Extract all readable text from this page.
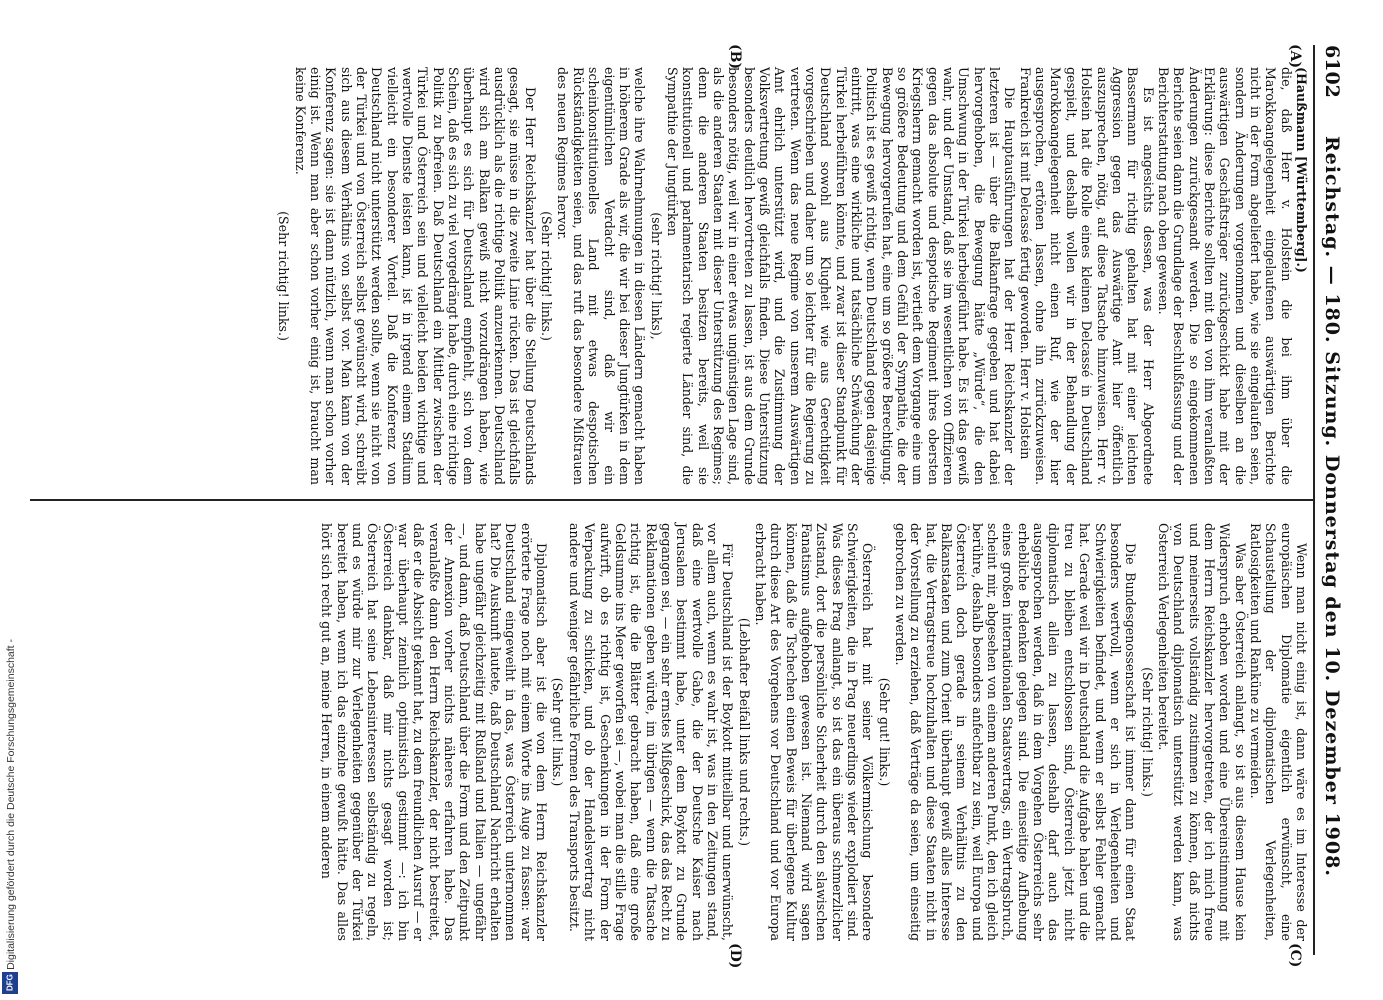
6102
Reichstag. — 180. Sitzung. Donnerstag den 10. Dezember 1908.
(A)
(B)
(C)
(D)

(Haußmann [Württemberg].)

die, daß Herr v. Holstein die bei ihm über die Marokkoangelegenheit eingelaufenen auswärtigen Berichte nicht in der Form abgeliefert habe, wie sie eingelaufen seien, sondern Änderungen vorgenommen und dieselben an die auswärtigen Geschäftsträger zurückgeschickt habe mit der Erklärung: diese Berichte sollten mit den von ihm veranlaßten Änderungen zurückgesandt werden. Die so eingekommenen Berichte seien dann die Grundlage der Beschlußfassung und der Berichterstattung nach oben gewesen.

Es ist angesichts dessen, was der Herr Abgeordnete Bassermann für richtig gehalten hat mit einer leichten Aggression gegen das Auswärtige Amt hier öffentlich auszusprechen, nötig, auf diese Tatsache hinzuweisen. Herr v. Holstein hat die Rolle eines kleinen Delcassé in Deutschland gespielt, und deshalb wollen wir in der Behandlung der Marokkoangelegenheit nicht einen Ruf, wie der hier ausgesprochen, ertönen lassen, ohne ihn zurückzuweisen. Frankreich ist mit Delcassé fertig geworden. Herr v. Holstein

Die Hauptausführungen hat der Herr Reichskanzler der letzteren ist — über die Balkanfrage gegeben und hat dabei hervorgehoben, die Bewegung hätte „Würde“, die den Umschwung in der Türkei herbeigeführt habe. Es ist das gewiß wahr, und der Umstand, daß sie im wesentlichen von Offizieren gegen das absolute und despotische Regiment ihres obersten Kriegsherrn gemacht worden ist, vertieft dem Vorgange eine um so größere Bedeutung und dem Gefühl der Sympathie, die der Bewegung hervorgerufen hat, eine um so größere Berechtigung. Politisch ist es gewiß richtig, wenn Deutschland gegen dasjenige eintritt, was eine wirkliche und tatsächliche Schwächung der Türkei herbeiführen könnte, und zwar ist dieser Standpunkt für Deutschland sowohl aus Klugheit wie aus Gerechtigkeit vorgeschrieben und daher um so leichter für die Regierung zu vertreten. Wenn das neue Regime von unserem Auswärtigen Amt ehrlich unterstützt wird, und die Zustimmung der Volksvertretung gewiß gleichfalls finden. Diese Unterstützung besonders deutlich hervortreten zu lassen, ist aus dem Grunde besonders nötig, weil wir in einer etwas ungünstigen Lage sind, als die anderen Staaten mit dieser Unterstützung des Regimes; denn die anderen Staaten besitzen bereits, weil sie konstitutionell und parlamentarisch regierte Länder sind, die Sympathie der Jungtürken

(sehr richtig! links),

welche ihre Wahrnehmungen in diesen Ländern gemacht haben in höherem Grade als wir, die wir bei dieser Jungtürken in dem eigentümlichen Verdacht sind, daß wir ein scheinkonstitutionelles Land mit etwas despotischen Rückständigkeiten seien, und das ruft das besondere Mißtrauen des neuen Regimes hervor.

(Sehr richtig! links.)

Der Herr Reichskanzler hat über die Stellung Deutschlands gesagt, sie müsse in die zweite Linie rücken. Das ist gleichfalls ausdrücklich als die richtige Politik anzuerkennen. Deutschland wird sich am Balkan gewiß nicht vorzudrängen haben, wie überhaupt es sich für Deutschland empfiehlt, sich von dem Schein, daß es sich zu viel vorgedrängt habe, durch eine richtige Politik zu befreien. Daß Deutschland ein Mittler zwischen der Türkei und Österreich sein und vielleicht beiden wichtige und wertvolle Dienste leisten kann, ist in irgend einem Stadium vielleicht ein besonderer Vorteil. Daß die Konferenz von Deutschland nicht unterstützt werden sollte, wenn sie nicht von der Türkei und von Österreich selbst gewünscht wird, schreibt sich aus diesem Verhältnis von selbst vor. Man kann von der Konferenz sagen: sie ist dann nützlich, wenn man schon vorher einig ist. Wenn man aber schon vorher einig ist, braucht man keine Konferenz.

(Sehr richtig! links.)

Wenn man nicht einig ist, dann wäre es im Interesse der europäischen Diplomatie eigentlich erwünscht, eine Schaustellung der diplomatischen Verlegenheiten, Ratlosigkeiten und Ranküne zu vermeiden.

Was aber Österreich anlangt, so ist aus diesem Hause kein Widerspruch erhoben worden und eine Übereinstimmung mit dem Herrn Reichskanzler hervorgetreten, der ich mich freue und meinerseits vollständig zustimmen zu können, daß nichts von Deutschland diplomatisch unterstützt werden kann, was Österreich Verlegenheiten bereitet.

(Sehr richtig! links.)

Die Bundesgenossenschaft ist immer dann für einen Staat besonders wertvoll, wenn er sich in Verlegenheiten und Schwierigkeiten befindet, und wenn er selbst Fehler gemacht hat. Gerade weil wir in Deutschland die Aufgabe haben und die treu zu bleiben entschlossen sind, Österreich jetzt nicht diplomatisch allein zu lassen, deshalb darf auch das ausgesprochen werden, daß in dem Vorgehen Österreichs sehr erhebliche Bedenken gelegen sind. Die einseitige Aufhebung eines großen internationalen Staatsvertrags, ein Vertragsbruch, scheint mir, abgesehen von einem anderen Punkt, den ich gleich berühre, deshalb besonders anfechtbar zu sein, weil Europa und Österreich doch gerade in seinem Verhältnis zu den Balkanstaaten und zum Orient überhaupt gewiß alles Interesse hat, die Vertragstreue hochzuhalten und diese Staaten nicht in der Vorstellung zu erziehen, daß Verträge da seien, um einseitig gebrochen zu werden.

(Sehr gut! links.)

Österreich hat mit seiner Völkermischung besondere Schwierigkeiten, die in Prag neuerdings wieder explodiert sind. Was dieses Prag anlangt, so ist das ein überaus schmerzlicher Zustand, dort die persönliche Sicherheit durch den slawischen Fanatismus aufgehoben gewesen ist. Niemand wird sagen können, daß die Tschechen einen Beweis für überlegene Kultur durch diese Art des Vorgehens vor Deutschland und vor Europa erbracht haben.

(Lebhafter Beifall links und rechts.)

Für Deutschland ist der Boykott mitteilbar und unerwünscht, vor allem auch, wenn es wahr ist, was in den Zeitungen stand, daß eine wertvolle Gabe, die der Deutsche Kaiser nach Jerusalem bestimmt habe, unter dem Boykott zu Grunde gegangen sei, — ein sehr ernstes Mißgeschick, das das Recht zu Reklamationen geben würde, im übrigen — wenn die Tatsache richtig ist, die die Blätter gebracht haben, daß eine große Geldsumme ins Meer geworfen sei —, wobei man die stille Frage aufwirft, ob es richtig ist, Geschenkungen in der Form der Verpackung zu schicken, und ob der Handelsvertrag nicht andere und weniger gefährliche Formen des Transports besitzt.

(Sehr gut! links.)

Diplomatisch aber ist die von dem Herrn Reichskanzler erörterte Frage noch mit einem Worte ins Auge zu fassen: war Deutschland eingeweiht in das, was Österreich unternommen hat? Die Auskunft lautete, daß Deutschland Nachricht erhalten habe ungefähr gleichzeitig mit Rußland und Italien — ungefähr —, und dann, daß Deutschland über die Form und den Zeitpunkt der Annexion vorher nichts näheres erfahren habe. Das veranlaßte dann den Herrn Reichskanzler, der nicht bestreitet, daß er die Absicht gekannt hat, zu dem freundlichen Ausruf — er war überhaupt ziemlich optimistisch gestimmt —: ich bin Österreich dankbar, daß mir nichts gesagt worden ist; Österreich hat seine Lebensinteressen selbständig zu regeln, und es würde mir zur Verlegenheiten gegenüber der Türkei bereitet haben, wenn ich das einzelne gewußt hätte. Das alles hört sich recht gut an, meine Herren, in einem anderen

Digitalisierung gefördert durch die Deutsche Forschungsgemeinschaft -
DFG
